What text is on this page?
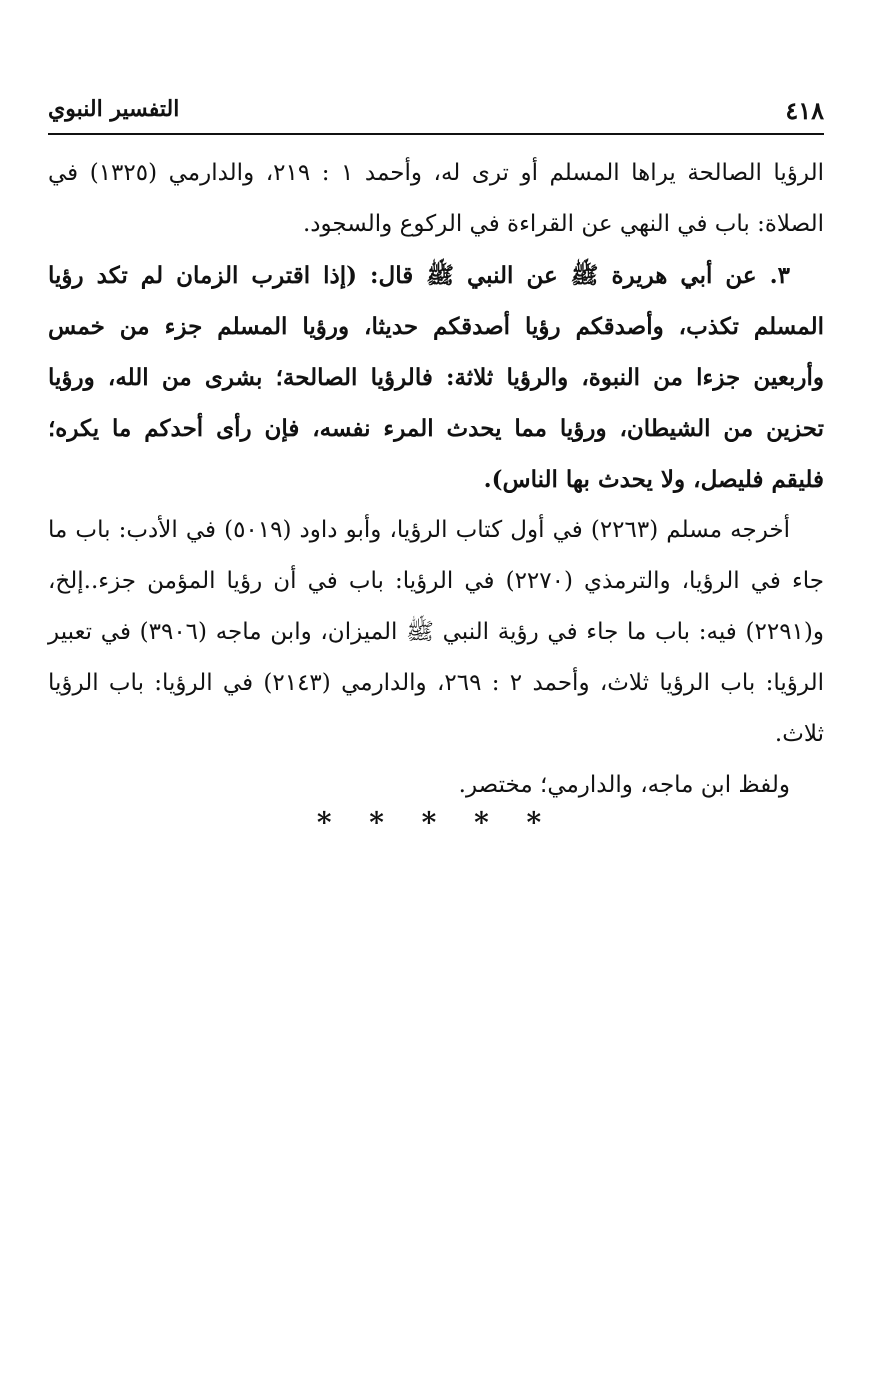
٤١٨
التفسير النبوي

الرؤيا الصالحة يراها المسلم أو ترى له، وأحمد ١ : ٢١٩، والدارمي (١٣٢٥) في الصلاة: باب في النهي عن القراءة في الركوع والسجود.

٣. عن أبي هريرة ﷺ عن النبي ﷺ قال: (إذا اقترب الزمان لم تكد رؤيا المسلم تكذب، وأصدقكم رؤيا أصدقكم حديثا، ورؤيا المسلم جزء من خمس وأربعين جزءا من النبوة، والرؤيا ثلاثة: فالرؤيا الصالحة؛ بشرى من الله، ورؤيا تحزين من الشيطان، ورؤيا مما يحدث المرء نفسه، فإن رأى أحدكم ما يكره؛ فليقم فليصل، ولا يحدث بها الناس).

أخرجه مسلم (٢٢٦٣) في أول كتاب الرؤيا، وأبو داود (٥٠١٩) في الأدب: باب ما جاء في الرؤيا، والترمذي (٢٢٧٠) في الرؤيا: باب في أن رؤيا المؤمن جزء..إلخ، و(٢٢٩١) فيه: باب ما جاء في رؤية النبي ﷺ الميزان، وابن ماجه (٣٩٠٦) في تعبير الرؤيا: باب الرؤيا ثلاث، وأحمد ٢ : ٢٦٩، والدارمي (٢١٤٣) في الرؤيا: باب الرؤيا ثلاث.

ولفظ ابن ماجه، والدارمي؛ مختصر.

* * * * *
